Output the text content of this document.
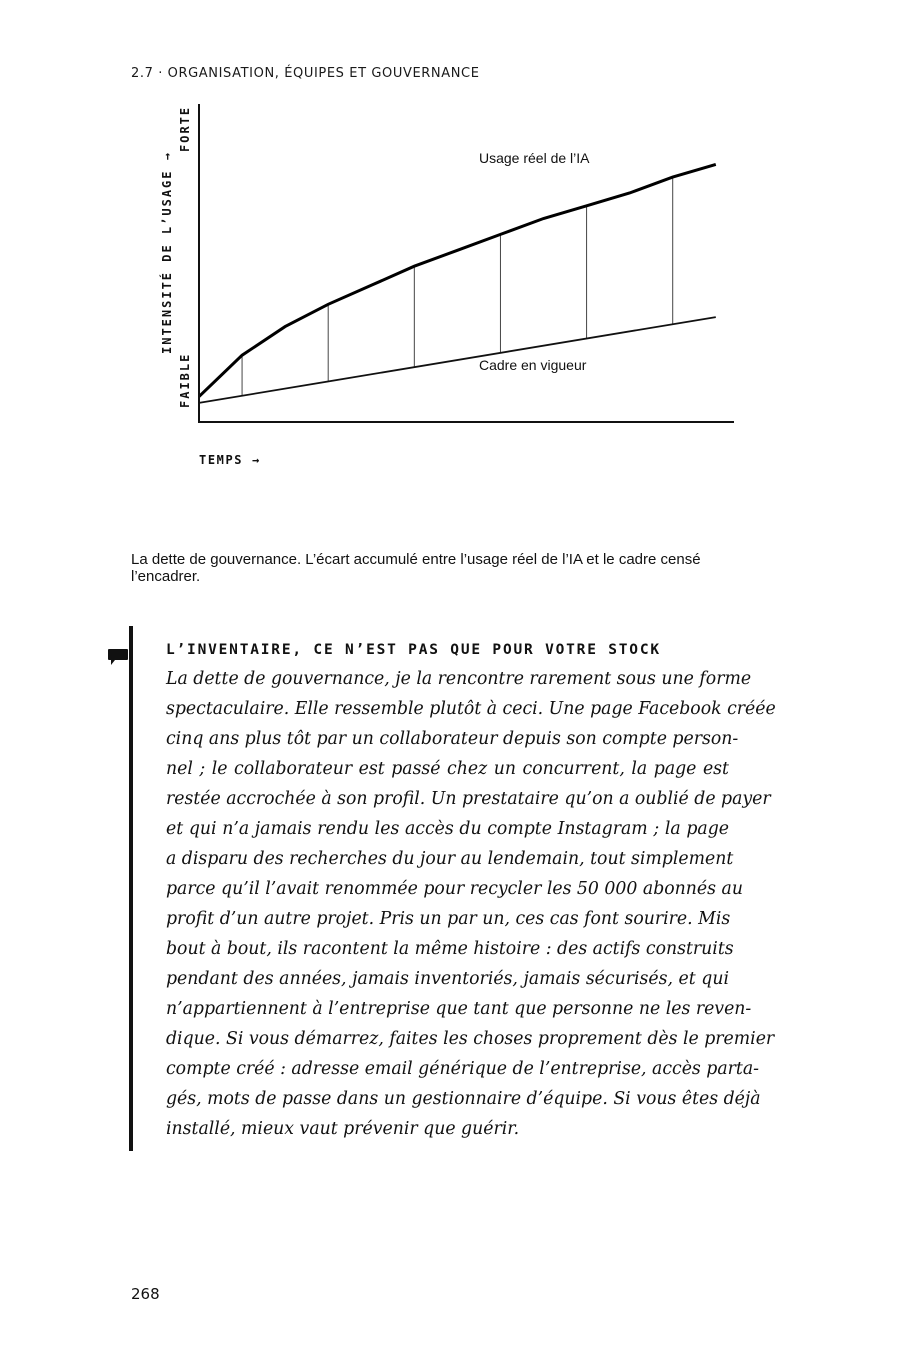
2.7 · ORGANISATION, ÉQUIPES ET GOUVERNANCE
INTENSITÉ DE L’USAGE →
FAIBLE
FORTE
TEMPS →
Usage réel de l’IA
Cadre en vigueur
La dette de gouvernance. L’écart accumulé entre l’usage réel de l’IA et le cadre censé l’encadrer.
L’INVENTAIRE, CE N’EST PAS QUE POUR VOTRE STOCK
La dette de gouvernance, je la rencontre rarement sous une forme
spectaculaire. Elle ressemble plutôt à ceci. Une page Facebook créée
cinq ans plus tôt par un collaborateur depuis son compte person-
nel ; le collaborateur est passé chez un concurrent, la page est
restée accrochée à son profil. Un prestataire qu’on a oublié de payer
et qui n’a jamais rendu les accès du compte Instagram ; la page
a disparu des recherches du jour au lendemain, tout simplement
parce qu’il l’avait renommée pour recycler les 50 000 abonnés au
profit d’un autre projet. Pris un par un, ces cas font sourire. Mis
bout à bout, ils racontent la même histoire : des actifs construits
pendant des années, jamais inventoriés, jamais sécurisés, et qui
n’appartiennent à l’entreprise que tant que personne ne les reven-
dique. Si vous démarrez, faites les choses proprement dès le premier
compte créé : adresse email générique de l’entreprise, accès parta-
gés, mots de passe dans un gestionnaire d’équipe. Si vous êtes déjà
installé, mieux vaut prévenir que guérir.
268
